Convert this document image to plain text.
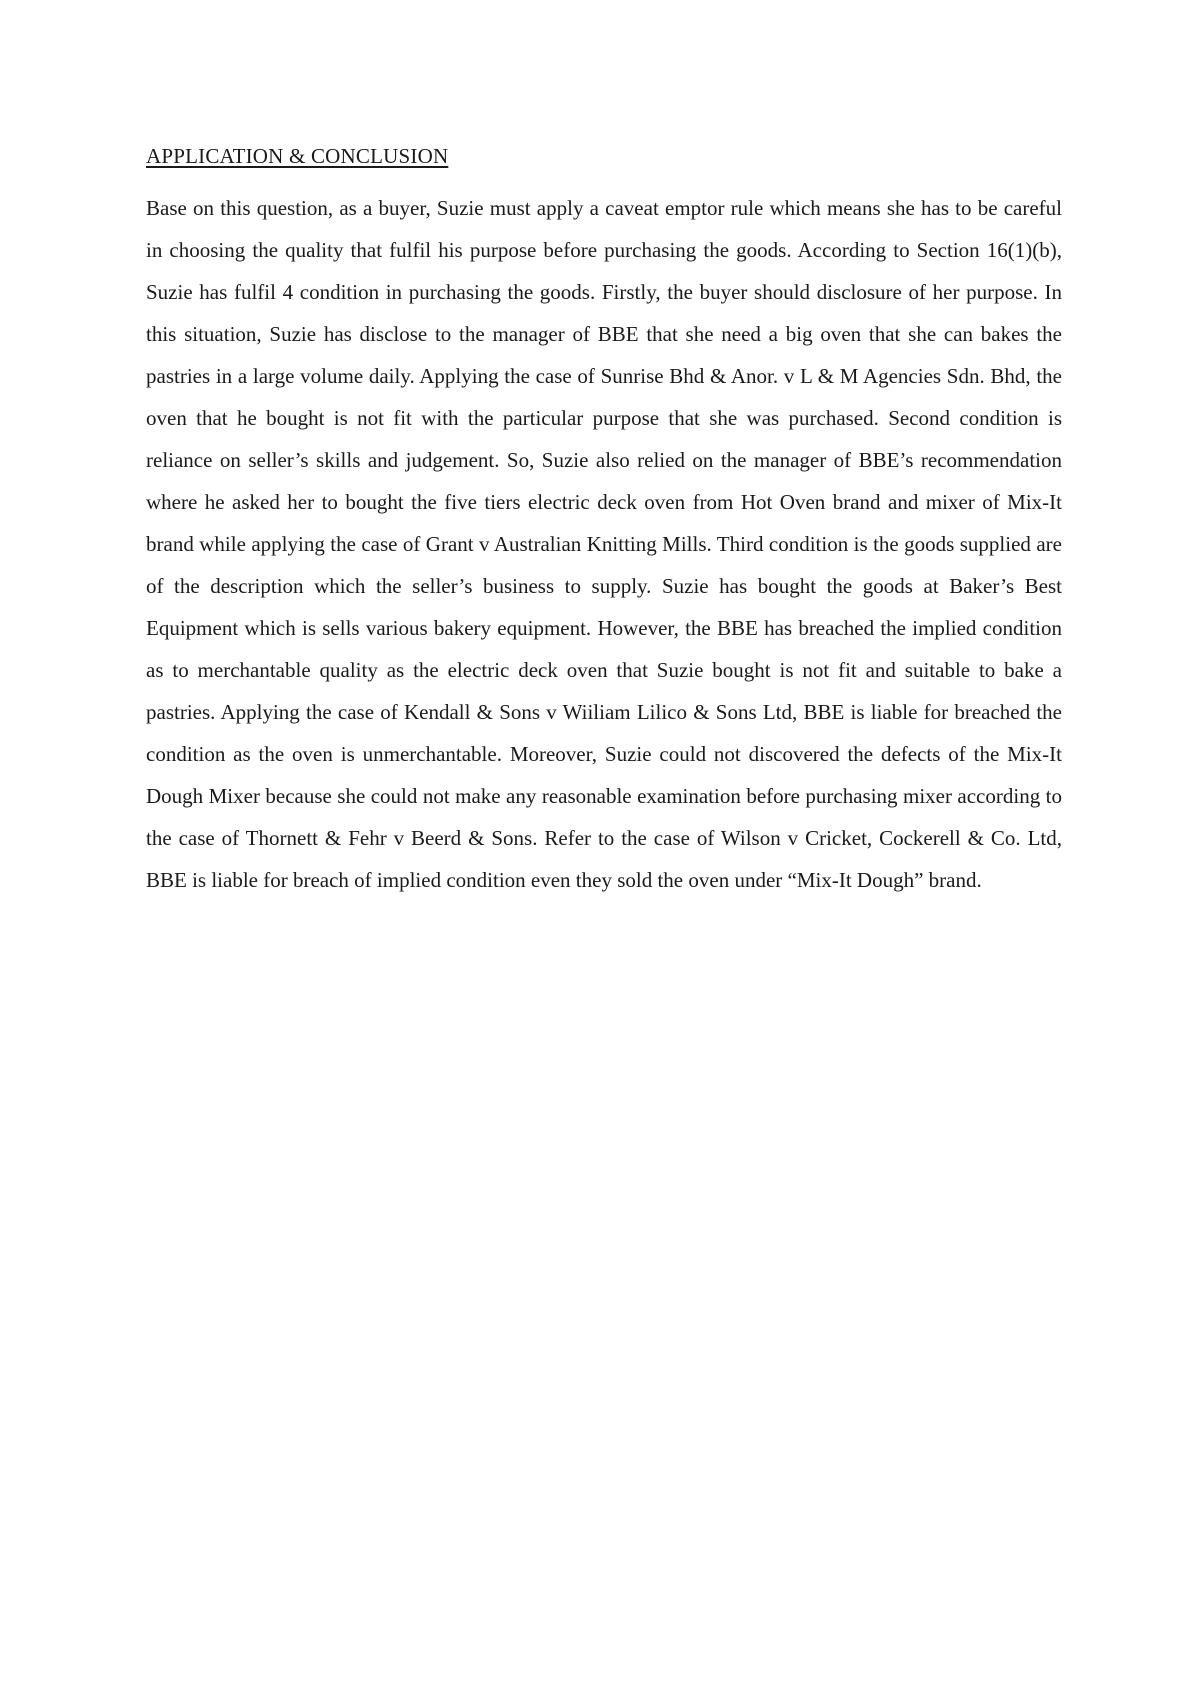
APPLICATION & CONCLUSION

Base on this question, as a buyer, Suzie must apply a caveat emptor rule which means she has to be careful in choosing the quality that fulfil his purpose before purchasing the goods. According to Section 16(1)(b), Suzie has fulfil 4 condition in purchasing the goods. Firstly, the buyer should disclosure of her purpose. In this situation, Suzie has disclose to the manager of BBE that she need a big oven that she can bakes the pastries in a large volume daily. Applying the case of Sunrise Bhd & Anor. v L & M Agencies Sdn. Bhd, the oven that he bought is not fit with the particular purpose that she was purchased. Second condition is reliance on seller’s skills and judgement. So, Suzie also relied on the manager of BBE’s recommendation where he asked her to bought the five tiers electric deck oven from Hot Oven brand and mixer of Mix-It brand while applying the case of Grant v Australian Knitting Mills. Third condition is the goods supplied are of the description which the seller’s business to supply. Suzie has bought the goods at Baker’s Best Equipment which is sells various bakery equipment. However, the BBE has breached the implied condition as to merchantable quality as the electric deck oven that Suzie bought is not fit and suitable to bake a pastries. Applying the case of Kendall & Sons v Wiiliam Lilico & Sons Ltd, BBE is liable for breached the condition as the oven is unmerchantable. Moreover, Suzie could not discovered the defects of the Mix-It Dough Mixer because she could not make any reasonable examination before purchasing mixer according to the case of Thornett & Fehr v Beerd & Sons. Refer to the case of Wilson v Cricket, Cockerell & Co. Ltd, BBE is liable for breach of implied condition even they sold the oven under “Mix-It Dough” brand.
